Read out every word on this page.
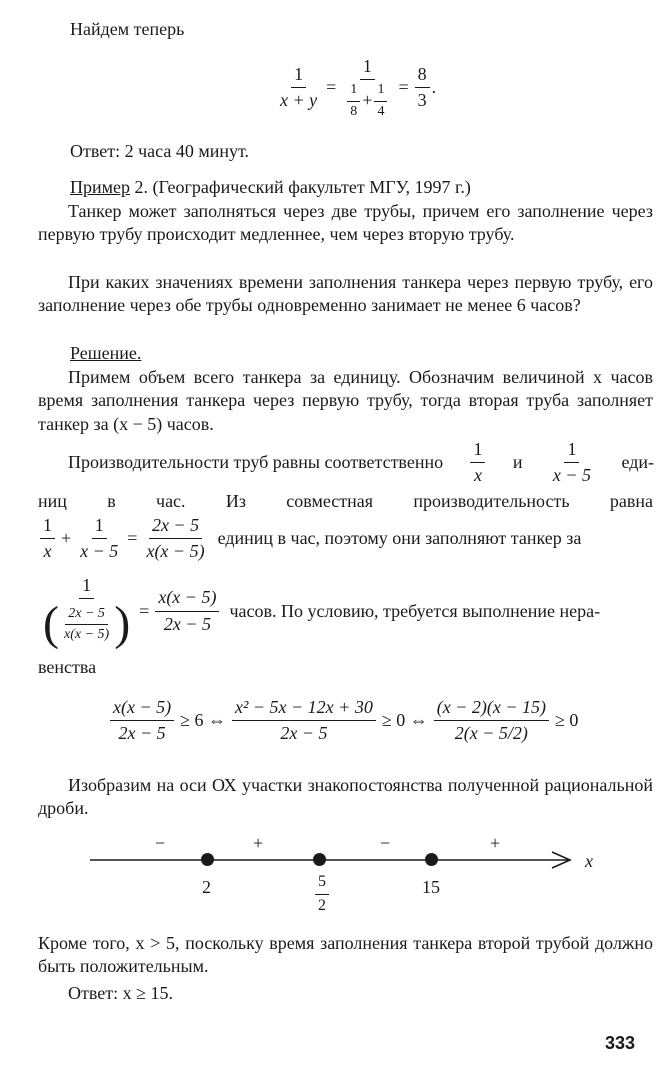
Найдем теперь
$\frac{1}{x + y} = \frac{1}{\frac{1}{8} + \frac{1}{4}} = \frac{8}{3}$ .
Ответ: 2 часа 40 минут.
Пример 2. (Географический факультет МГУ, 1997 г.)
Танкер может заполняться через две трубы, причем его заполнение через первую трубу происходит медленнее, чем через вторую трубу.
При каких значениях времени заполнения танкера через первую трубу, его заполнение через обе трубы одновременно занимает не менее 6 часов?
Решение.
Примем объем всего танкера за единицу. Обозначим величиной x часов время заполнения танкера через первую трубу, тогда вторая труба заполняет танкер за (x − 5) часов.
Производительности труб равны соответственно $\frac{1}{x}$ и $\frac{1}{x - 5} еди-$
ниц в час. Из совместная производительность равна
$\frac{1}{x} + \frac{1}{x - 5} = \frac{2x - 5}{x(x - 5)}$ единиц в час, поэтому они заполняют танкер за
$\frac{1}{( \frac{2x - 5}{x(x - 5)} )} = \frac{x(x - 5)}{2x - 5}$ часов. По условию, требуется выполнение нера-
венства
$\frac{x(x - 5)}{2x - 5} \ge 6$ ⇔ $\frac{\text{x² − 5x − 12x + 30}}{2x - 5} \ge 0$ ⇔ $\frac{(x - 2)(x - 15)}{2(x - 5/2)} \ge 0$
Изобразим на оси ОХ участки знакопостоянства полученной рациональной дроби.
−	+	−	+
x
2	$\frac{5}{2}$	15
Кроме того, x > 5, поскольку время заполнения танкера второй трубой должно быть положительным.
Ответ: x ≥ 15.
333
